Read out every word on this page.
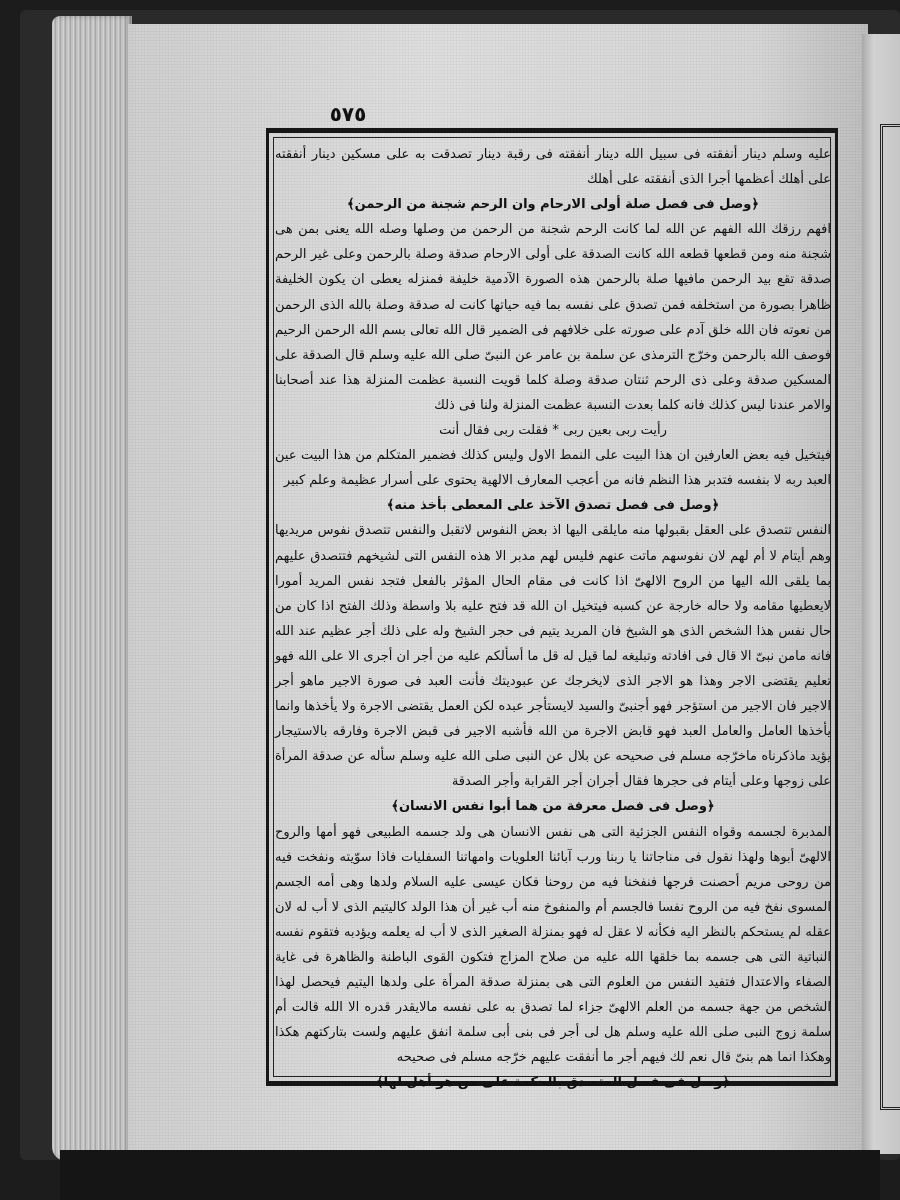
٥٧٥

عليه وسلم دينار أنفقته فى سبيل الله دينار أنفقته فى رقبة دينار تصدقت به على مسكين دينار أنفقته على أهلك أعظمها أجرا الذى أنفقته على أهلك

﴿وصل فى فصل صلة أولى الارحام وان الرحم شجنة من الرحمن﴾

افهم رزقك الله الفهم عن الله لما كانت الرحم شجنة من الرحمن من وصلها وصله الله يعنى بمن هى شجنة منه ومن قطعها قطعه الله كانت الصدقة على أولى الارحام صدقة وصلة بالرحمن وعلى غير الرحم صدقة تقع بيد الرحمن مافيها صلة بالرحمن هذه الصورة الآدمية خليفة فمنزله يعطى ان يكون الخليفة ظاهرا بصورة من استخلفه فمن تصدق على نفسه بما فيه حياتها كانت له صدقة وصلة بالله الذى الرحمن من نعوته فان الله خلق آدم على صورته على خلافهم فى الضمير قال الله تعالى بسم الله الرحمن الرحيم فوصف الله بالرحمن وخرّج الترمذى عن سلمة بن عامر عن النبىّ صلى الله عليه وسلم قال الصدقة على المسكين صدقة وعلى ذى الرحم ثنتان صدقة وصلة كلما قويت النسبة عظمت المنزلة هذا عند أصحابنا والامر عندنا ليس كذلك فانه كلما بعدت النسبة عظمت المنزلة ولنا فى ذلك

رأيت ربى بعين ربى * فقلت ربى فقال أنت

فيتخيل فيه بعض العارفين ان هذا البيت على النمط الاول وليس كذلك فضمير المتكلم من هذا البيت عين العبد ربه لا بنفسه فتدبر هذا النظم فانه من أعجب المعارف الالهية يحتوى على أسرار عظيمة وعلم كبير

﴿وصل فى فصل تصدق الآخذ على المعطى بأخذ منه﴾

النفس تتصدق على العقل بقبولها منه مايلقى اليها اذ بعض النفوس لاتقبل والنفس تتصدق نفوس مريديها وهم أيتام لا أم لهم لان نفوسهم ماتت عنهم فليس لهم مدبر الا هذه النفس التى لشيخهم فتتصدق عليهم بما يلقى الله اليها من الروح الالهىّ اذا كانت فى مقام الحال المؤثر بالفعل فتجد نفس المريد أمورا لايعطيها مقامه ولا حاله خارجة عن كسبه فيتخيل ان الله قد فتح عليه بلا واسطة وذلك الفتح اذا كان من حال نفس هذا الشخص الذى هو الشيخ فان المريد يتيم فى حجر الشيخ وله على ذلك أجر عظيم عند الله فانه مامن نبىّ الا قال فى افادته وتبليغه لما قيل له قل ما أسألكم عليه من أجر ان أجرى الا على الله فهو تعليم يقتضى الاجر وهذا هو الاجر الذى لايخرجك عن عبوديتك فأنت العبد فى صورة الاجير ماهو أجر الاجير فان الاجير من استؤجر فهو أجنبىّ والسيد لايستأجر عبده لكن العمل يقتضى الاجرة ولا يأخذها وانما يأخذها العامل والعامل العبد فهو قابض الاجرة من الله فأشبه الاجير فى قبض الاجرة وفارقه بالاستيجار يؤيد ماذكرناه ماخرّجه مسلم فى صحيحه عن بلال عن النبى صلى الله عليه وسلم سأله عن صدقة المرأة على زوجها وعلى أيتام فى حجرها فقال أجران أجر القرابة وأجر الصدقة

﴿وصل فى فصل معرفة من هما أبوا نفس الانسان﴾

المدبرة لجسمه وقواه النفس الجزئية التى هى نفس الانسان هى ولد جسمه الطبيعى فهو أمها والروح الالهىّ أبوها ولهذا نقول فى مناجاتنا يا ربنا ورب آبائنا العلويات وامهاتنا السفليات فاذا سوّيته ونفخت فيه من روحى مريم أحصنت فرجها فنفخنا فيه من روحنا فكان عيسى عليه السلام ولدها وهى أمه الجسم المسوى نفخ فيه من الروح نفسا فالجسم أم والمنفوخ منه أب غير أن هذا الولد كاليتيم الذى لا أب له لان عقله لم يستحكم بالنظر اليه فكأنه لا عقل له فهو بمنزلة الصغير الذى لا أب له يعلمه ويؤدبه فتقوم نفسه النباتية التى هى جسمه بما خلقها الله عليه من صلاح المزاج فتكون القوى الباطنة والظاهرة فى غاية الصفاء والاعتدال فتفيد النفس من العلوم التى هى بمنزلة صدقة المرأة على ولدها اليتيم فيحصل لهذا الشخص من جهة جسمه من العلم الالهىّ جزاء لما تصدق به على نفسه مالايقدر قدره الا الله قالت أم سلمة زوج النبى صلى الله عليه وسلم هل لى أجر فى بنى أبى سلمة انفق عليهم ولست بتاركتهم هكذا وهكذا انما هم بنىّ قال نعم لك فيهم أجر ما أنفقت عليهم خرّجه مسلم فى صحيحه

﴿وصل فى فصل المتصدق بالحكمة على من هو أهل لها﴾
